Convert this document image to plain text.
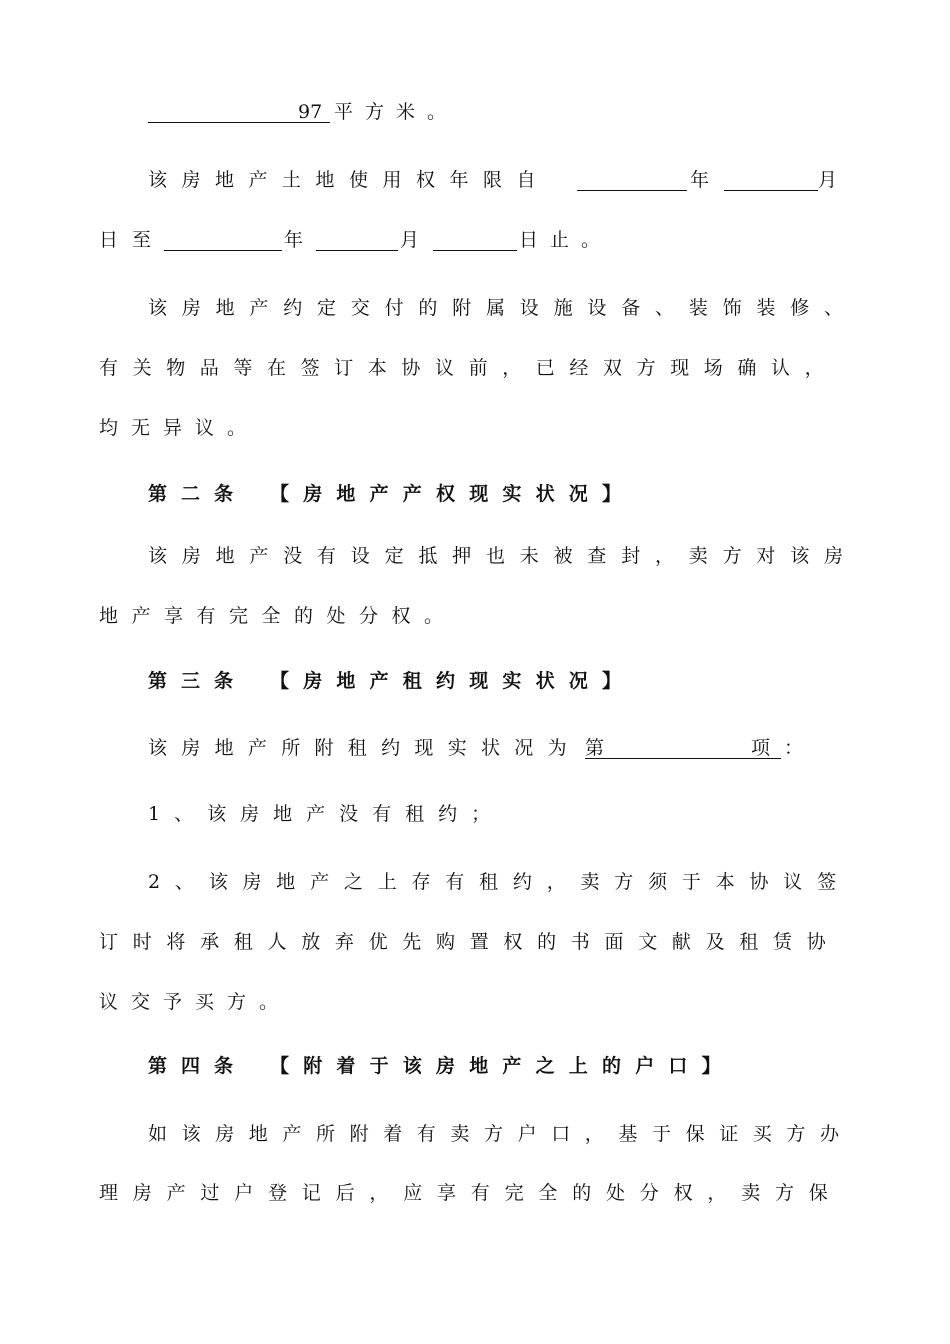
97 平方米。
该房地产土地使用权年限自	年	月
日至	年	月	日止。
该房地产约定交付的附属设施设备、装饰装修、
有关物品等在签订本协议前，已经双方现场确认，
均无异议。
第二条 【房地产产权现实状况】
该房地产没有设定抵押也未被查封，卖方对该房
地产享有完全的处分权。
第三条 【房地产租约现实状况】
该房地产所附租约现实状况为 第	项 ：
1、该房地产没有租约；
2、该房地产之上存有租约，卖方须于本协议签
订时将承租人放弃优先购置权的书面文献及租赁协
议交予买方。
第四条 【附着于该房地产之上的户口】
如该房地产所附着有卖方户口，基于保证买方办
理房产过户登记后，应享有完全的处分权，卖方保
